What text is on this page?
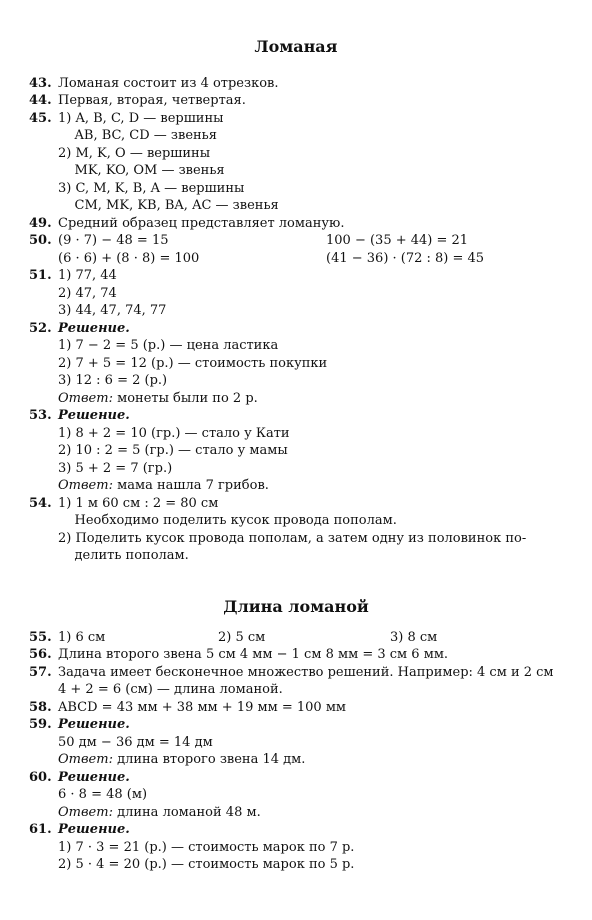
Ломаная
Длина ломаной
43. Ломаная состоит из 4 отрезков.
44. Первая, вторая, четвертая.
45. 1) A, B, C, D — вершины
AB, BC, CD — звенья
2) M, K, O — вершины
MK, KO, OM — звенья
3) C, M, K, B, A — вершины
CM, MK, KB, BA, AC — звенья
49. Средний образец представляет ломаную.
50. (9 · 7) − 48 = 15	100 − (35 + 44) = 21
(6 · 6) + (8 · 8) = 100	(41 − 36) · (72 : 8) = 45
51. 1) 77, 44
2) 47, 74
3) 44, 47, 74, 77
52. Решение.
1) 7 − 2 = 5 (р.) — цена ластика
2) 7 + 5 = 12 (р.) — стоимость покупки
3) 12 : 6 = 2 (р.)
Ответ: монеты были по 2 р.
53. Решение.
1) 8 + 2 = 10 (гр.) — стало у Кати
2) 10 : 2 = 5 (гр.) — стало у мамы
3) 5 + 2 = 7 (гр.)
Ответ: мама нашла 7 грибов.
54. 1) 1 м 60 см : 2 = 80 см
Необходимо поделить кусок провода пополам.
2) Поделить кусок провода пополам, а затем одну из половинок по-
делить пополам.
55. 1) 6 см	2) 5 см	3) 8 см
56. Длина второго звена 5 см 4 мм − 1 см 8 мм = 3 см 6 мм.
57. Задача имеет бесконечное множество решений. Например: 4 см и 2 см
4 + 2 = 6 (см) — длина ломаной.
58. ABCD = 43 мм + 38 мм + 19 мм = 100 мм
59. Решение.
50 дм − 36 дм = 14 дм
Ответ: длина второго звена 14 дм.
60. Решение.
6 · 8 = 48 (м)
Ответ: длина ломаной 48 м.
61. Решение.
1) 7 · 3 = 21 (р.) — стоимость марок по 7 р.
2) 5 · 4 = 20 (р.) — стоимость марок по 5 р.
